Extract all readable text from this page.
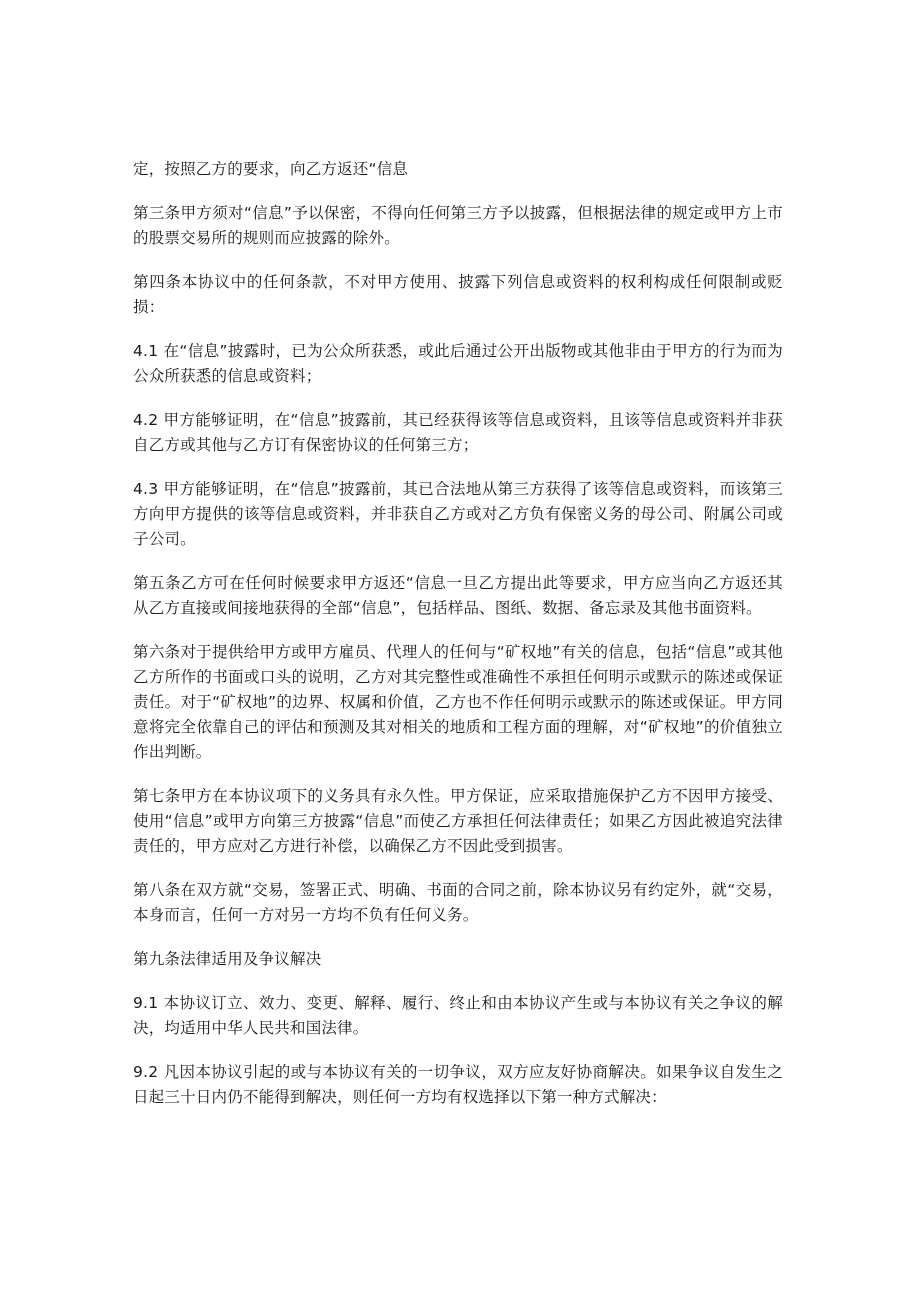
定，按照乙方的要求，向乙方返还“信息

第三条甲方须对“信息”予以保密，不得向任何第三方予以披露，但根据法律的规定或甲方上市的股票交易所的规则而应披露的除外。

第四条本协议中的任何条款，不对甲方使用、披露下列信息或资料的权利构成任何限制或贬损：

4.1 在“信息”披露时，已为公众所获悉，或此后通过公开出版物或其他非由于甲方的行为而为公众所获悉的信息或资料；

4.2 甲方能够证明，在“信息”披露前，其已经获得该等信息或资料，且该等信息或资料并非获自乙方或其他与乙方订有保密协议的任何第三方；

4.3 甲方能够证明，在“信息”披露前，其已合法地从第三方获得了该等信息或资料，而该第三方向甲方提供的该等信息或资料，并非获自乙方或对乙方负有保密义务的母公司、附属公司或子公司。

第五条乙方可在任何时候要求甲方返还“信息一旦乙方提出此等要求，甲方应当向乙方返还其从乙方直接或间接地获得的全部“信息”，包括样品、图纸、数据、备忘录及其他书面资料。

第六条对于提供给甲方或甲方雇员、代理人的任何与“矿权地”有关的信息，包括“信息”或其他乙方所作的书面或口头的说明，乙方对其完整性或准确性不承担任何明示或默示的陈述或保证责任。对于“矿权地”的边界、权属和价值，乙方也不作任何明示或默示的陈述或保证。甲方同意将完全依靠自己的评估和预测及其对相关的地质和工程方面的理解，对“矿权地”的价值独立作出判断。

第七条甲方在本协议项下的义务具有永久性。甲方保证，应采取措施保护乙方不因甲方接受、使用“信息”或甲方向第三方披露“信息”而使乙方承担任何法律责任；如果乙方因此被追究法律责任的，甲方应对乙方进行补偿，以确保乙方不因此受到损害。

第八条在双方就“交易，签署正式、明确、书面的合同之前，除本协议另有约定外，就“交易，本身而言，任何一方对另一方均不负有任何义务。

第九条法律适用及争议解决

9.1 本协议订立、效力、变更、解释、履行、终止和由本协议产生或与本协议有关之争议的解决，均适用中华人民共和国法律。

9.2 凡因本协议引起的或与本协议有关的一切争议，双方应友好协商解决。如果争议自发生之日起三十日内仍不能得到解决，则任何一方均有权选择以下第一种方式解决：
